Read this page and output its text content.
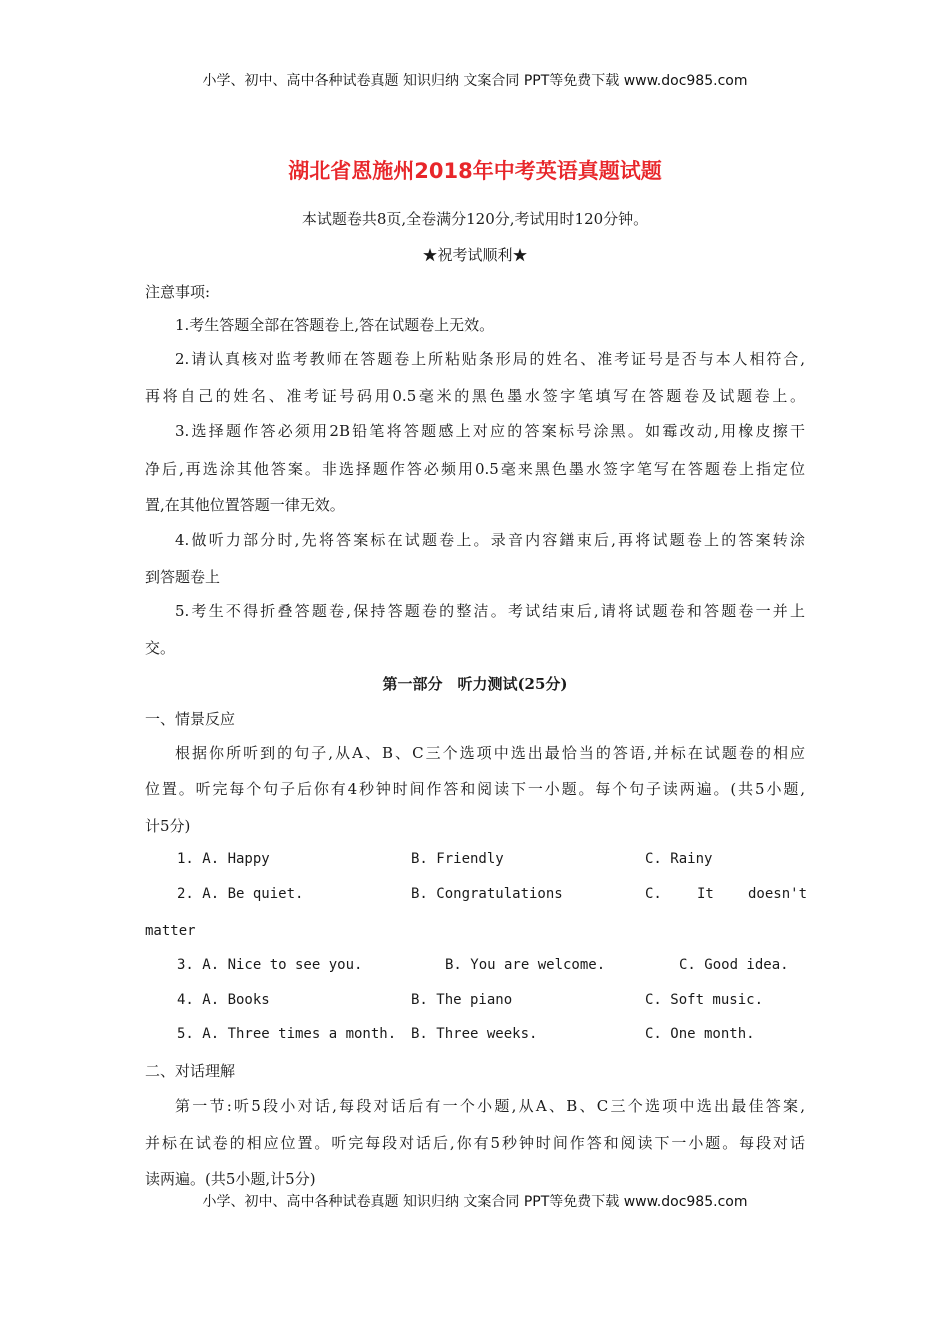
小学、初中、高中各种试卷真题 知识归纳 文案合同 PPT等免费下载 www.doc985.com
湖北省恩施州2018年中考英语真题试题
本试题卷共8页,全卷满分120分,考试用时120分钟。
★祝考试顺利★
注意事项:
1.考生答题全部在答题卷上,答在试题卷上无效。
2.请认真核对监考教师在答题卷上所粘贴条形局的姓名、准考证号是否与本人相符合,
再将自己的姓名、准考证号码用0.5毫米的黑色墨水签字笔填写在答题卷及试题卷上。
3.选择题作答必须用2B铅笔将答题感上对应的答案标号涂黑。如霉改动,用橡皮擦干
净后,再选涂其他答案。非选择题作答必频用0.5毫来黑色墨水签字笔写在答题卷上指定位
置,在其他位置答题一律无效。
4.做听力部分时,先将答案标在试题卷上。录音内容鐠束后,再将试题卷上的答案转涂
到答题卷上
5.考生不得折叠答题卷,保持答题卷的整洁。考试结束后,请将试题卷和答题卷一并上
交。
第一部分　听力测试(25分)
一、情景反应
根据你所听到的句子,从A、B、C三个选项中选出最恰当的答语,并标在试题卷的相应
位置。听完每个句子后你有4秒钟时间作答和阅读下一小题。每个句子读两遍。(共5小题,
计5分)
1. A. Happy	B. Friendly	C. Rainy
2. A. Be quiet.	B. Congratulations	C.	It doesn't
matter
3. A. Nice to see you.	B. You are welcome.	C. Good idea.
4. A. Books	B. The piano	C. Soft music.
5. A. Three times a month. B. Three weeks.	C. One month.
二、对话理解
第一节:听5段小对话,每段对话后有一个小题,从A、B、C三个选项中选出最佳答案,
并标在试卷的相应位置。听完每段对话后,你有5秒钟时间作答和阅读下一小题。每段对话
读两遍。(共5小题,计5分)
小学、初中、高中各种试卷真题 知识归纳 文案合同 PPT等免费下载 www.doc985.com
